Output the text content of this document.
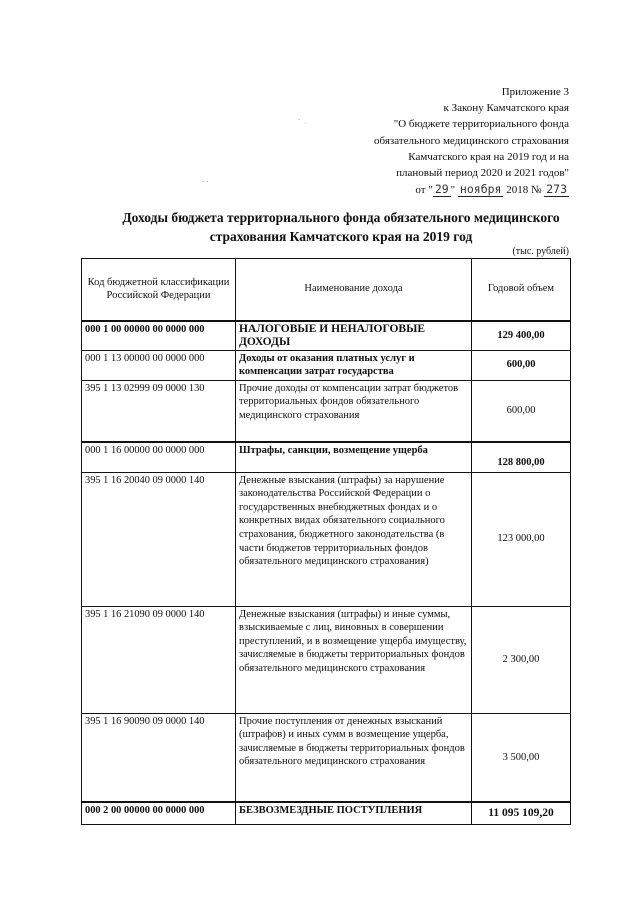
Приложение 3
к Закону Камчатского края
"О бюджете территориального фонда
обязательного медицинского страхования
Камчатского края на 2019 год и на
плановый период 2020 и 2021 годов"
от " 29 " ноября 2018 № 273
·  ˌ
· ·
Доходы бюджета территориального фонда обязательного медицинского страхования Камчатского края на 2019 год
(тыс. рублей)
Код бюджетной классификации Российской Федерации	Наименование дохода	Годовой объем
000 1 00 00000 00 0000 000	НАЛОГОВЫЕ И НЕНАЛОГОВЫЕ ДОХОДЫ	129 400,00
000 1 13 00000 00 0000 000	Доходы от оказания платных услуг и компенсации затрат государства	600,00
395 1 13 02999 09 0000 130	Прочие доходы от компенсации затрат бюджетов территориальных фондов обязательного медицинского страхования	600,00
000 1 16 00000 00 0000 000	Штрафы, санкции, возмещение ущерба	128 800,00
395 1 16 20040 09 0000 140	Денежные взыскания (штрафы) за нарушение законодательства Российской Федерации о государственных внебюджетных фондах и о конкретных видах обязательного социального страхования, бюджетного законодательства (в части бюджетов территориальных фондов обязательного медицинского страхования)	123 000,00
395 1 16 21090 09 0000 140	Денежные взыскания (штрафы) и иные суммы, взыскиваемые с лиц, виновных в совершении преступлений, и в возмещение ущерба имуществу, зачисляемые в бюджеты территориальных фондов обязательного медицинского страхования	2 300,00
395 1 16 90090 09 0000 140	Прочие поступления от денежных взысканий (штрафов) и иных сумм в возмещение ущерба, зачисляемые в бюджеты территориальных фондов обязательного медицинского страхования	3 500,00
000 2 00 00000 00 0000 000	БЕЗВОЗМЕЗДНЫЕ ПОСТУПЛЕНИЯ	11 095 109,20
